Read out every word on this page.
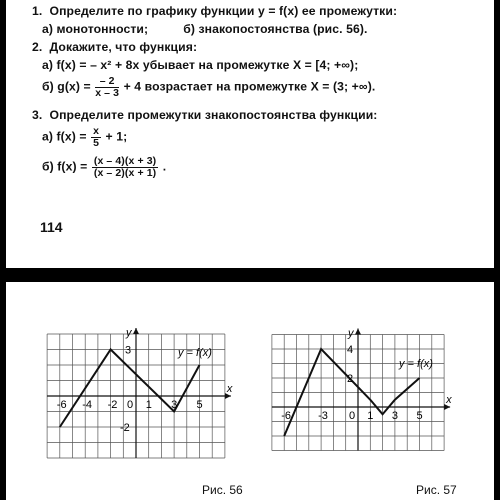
1. Определите по графику функции y = f(x) ее промежутки:
а) монотонности;	б) знакопостоянства (рис. 56).
2. Докажите, что функция:
а) f(x) = – x² + 8x убывает на промежутке X = [4; +∞);
б) $g(x) = \frac{- 2}{x - 3} + 4$ возрастает на промежутке X = (3; +∞).
3. Определите промежутки знакопостоянства функции:
а) $f(x) = \frac{x}{5} + 1$;
б) $f(x) = \frac{(x - 4)(x + 3)}{(x - 2)(x + 1)}$ .
114
-6 -4 -2 0 1 3 5
3
-2
y = f(x)
x
y
Рис. 56
-6 -3 0 1 3 5
4
2
y = f(x)
x
y
Рис. 57
